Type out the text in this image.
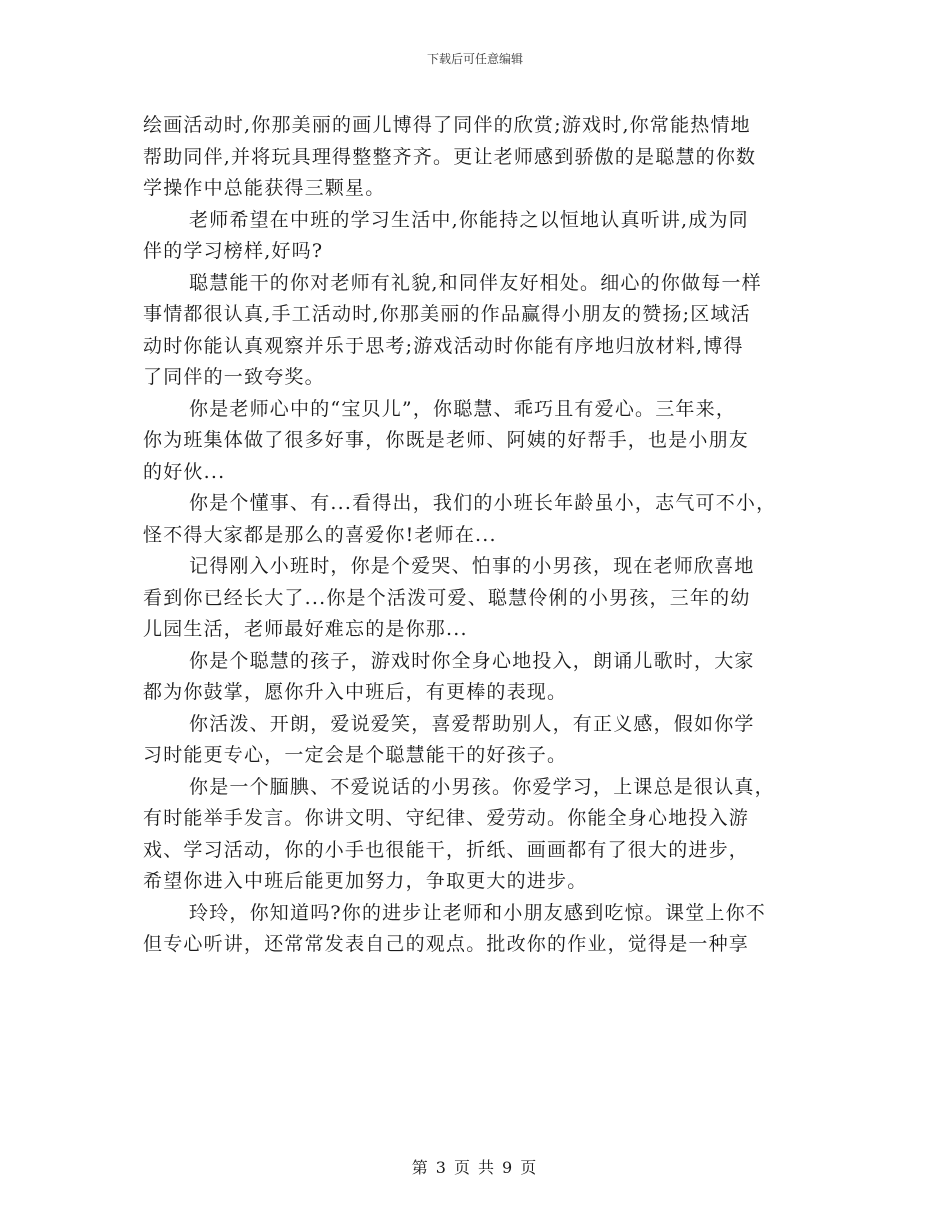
下载后可任意编辑

绘画活动时,你那美丽的画儿博得了同伴的欣赏;游戏时,你常能热情地
帮助同伴,并将玩具理得整整齐齐。更让老师感到骄傲的是聪慧的你数
学操作中总能获得三颗星。

老师希望在中班的学习生活中,你能持之以恒地认真听讲,成为同
伴的学习榜样,好吗?

聪慧能干的你对老师有礼貌,和同伴友好相处。细心的你做每一样
事情都很认真,手工活动时,你那美丽的作品赢得小朋友的赞扬;区域活
动时你能认真观察并乐于思考;游戏活动时你能有序地归放材料,博得
了同伴的一致夸奖。

你是老师心中的“宝贝儿”，你聪慧、乖巧且有爱心。三年来，
你为班集体做了很多好事，你既是老师、阿姨的好帮手，也是小朋友
的好伙...

你是个懂事、有...看得出，我们的小班长年龄虽小，志气可不小，
怪不得大家都是那么的喜爱你!老师在...

记得刚入小班时，你是个爱哭、怕事的小男孩，现在老师欣喜地
看到你已经长大了...你是个活泼可爱、聪慧伶俐的小男孩，三年的幼
儿园生活，老师最好难忘的是你那...

你是个聪慧的孩子，游戏时你全身心地投入，朗诵儿歌时，大家
都为你鼓掌，愿你升入中班后，有更棒的表现。

你活泼、开朗，爱说爱笑，喜爱帮助别人，有正义感，假如你学
习时能更专心，一定会是个聪慧能干的好孩子。

你是一个腼腆、不爱说话的小男孩。你爱学习，上课总是很认真，
有时能举手发言。你讲文明、守纪律、爱劳动。你能全身心地投入游
戏、学习活动，你的小手也很能干，折纸、画画都有了很大的进步，
希望你进入中班后能更加努力，争取更大的进步。

玲玲，你知道吗?你的进步让老师和小朋友感到吃惊。课堂上你不
但专心听讲，还常常发表自己的观点。批改你的作业，觉得是一种享

第 3 页 共 9 页
